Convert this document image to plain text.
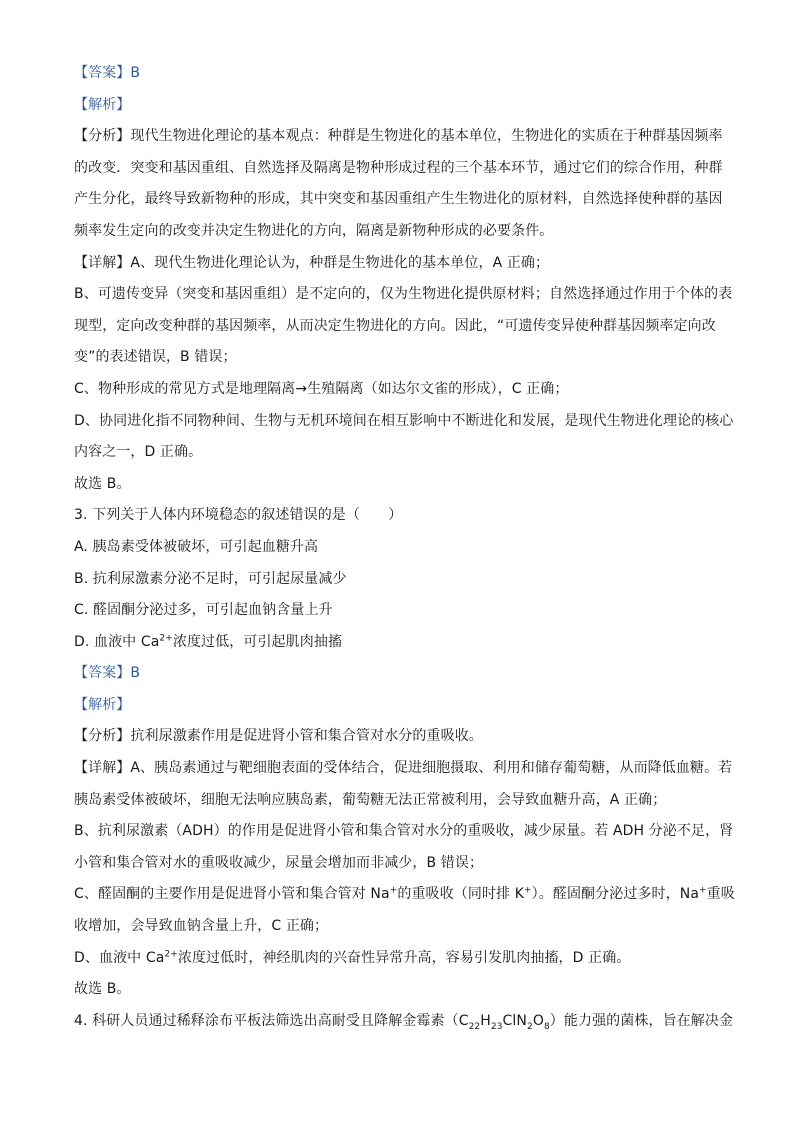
【答案】B
【解析】
【分析】现代生物进化理论的基本观点：种群是生物进化的基本单位，生物进化的实质在于种群基因频率
的改变．突变和基因重组、自然选择及隔离是物种形成过程的三个基本环节，通过它们的综合作用，种群
产生分化，最终导致新物种的形成，其中突变和基因重组产生生物进化的原材料，自然选择使种群的基因
频率发生定向的改变并决定生物进化的方向，隔离是新物种形成的必要条件。
【详解】A、现代生物进化理论认为，种群是生物进化的基本单位，A 正确；
B、可遗传变异（突变和基因重组）是不定向的，仅为生物进化提供原材料；自然选择通过作用于个体的表
现型，定向改变种群的基因频率，从而决定生物进化的方向。因此，“可遗传变异使种群基因频率定向改
变”的表述错误，B 错误；
C、物种形成的常见方式是地理隔离→生殖隔离（如达尔文雀的形成），C 正确；
D、协同进化指不同物种间、生物与无机环境间在相互影响中不断进化和发展，是现代生物进化理论的核心
内容之一，D 正确。
故选 B。
3. 下列关于人体内环境稳态的叙述错误的是（　　）
A. 胰岛素受体被破坏，可引起血糖升高
B. 抗利尿激素分泌不足时，可引起尿量减少
C. 醛固酮分泌过多，可引起血钠含量上升
D. 血液中 $Ca^{2+}$浓度过低，可引起肌肉抽搐
【答案】B
【解析】
【分析】抗利尿激素作用是促进肾小管和集合管对水分的重吸收。
【详解】A、胰岛素通过与靶细胞表面的受体结合，促进细胞摄取、利用和储存葡萄糖，从而降低血糖。若
胰岛素受体被破坏，细胞无法响应胰岛素，葡萄糖无法正常被利用，会导致血糖升高，A 正确；
B、抗利尿激素（ADH）的作用是促进肾小管和集合管对水分的重吸收，减少尿量。若 ADH 分泌不足，肾
小管和集合管对水的重吸收减少，尿量会增加而非减少，B 错误；
C、醛固酮的主要作用是促进肾小管和集合管对 Na+的重吸收（同时排 K+）。醛固酮分泌过多时，Na+重吸
收增加，会导致血钠含量上升，C 正确；
D、血液中 $Ca^{2+}$浓度过低时，神经肌肉的兴奋性异常升高，容易引发肌肉抽搐，D 正确。
故选 B。
4. 科研人员通过稀释涂布平板法筛选出高耐受且降解金霉素$(C_{22}H_{23}ClN_2O_8)$能力强的菌株，旨在解决金
